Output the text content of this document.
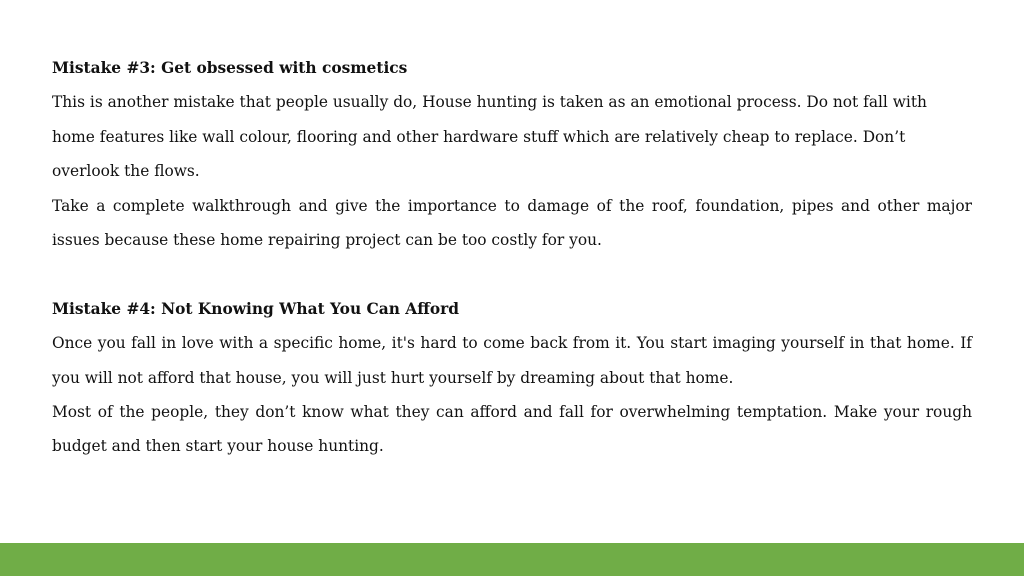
Mistake #3: Get obsessed with cosmetics

This is another mistake that people usually do, House hunting is taken as an emotional process. Do not fall with home features like wall colour, flooring and other hardware stuff which are relatively cheap to replace. Don’t overlook the flows.

Take a complete walkthrough and give the importance to damage of the roof, foundation, pipes and other major issues because these home repairing project can be too costly for you.

Mistake #4: Not Knowing What You Can Afford

Once you fall in love with a specific home, it's hard to come back from it. You start imaging yourself in that home. If you will not afford that house, you will just hurt yourself by dreaming about that home.

Most of the people, they don’t know what they can afford and fall for overwhelming temptation. Make your rough budget and then start your house hunting.
